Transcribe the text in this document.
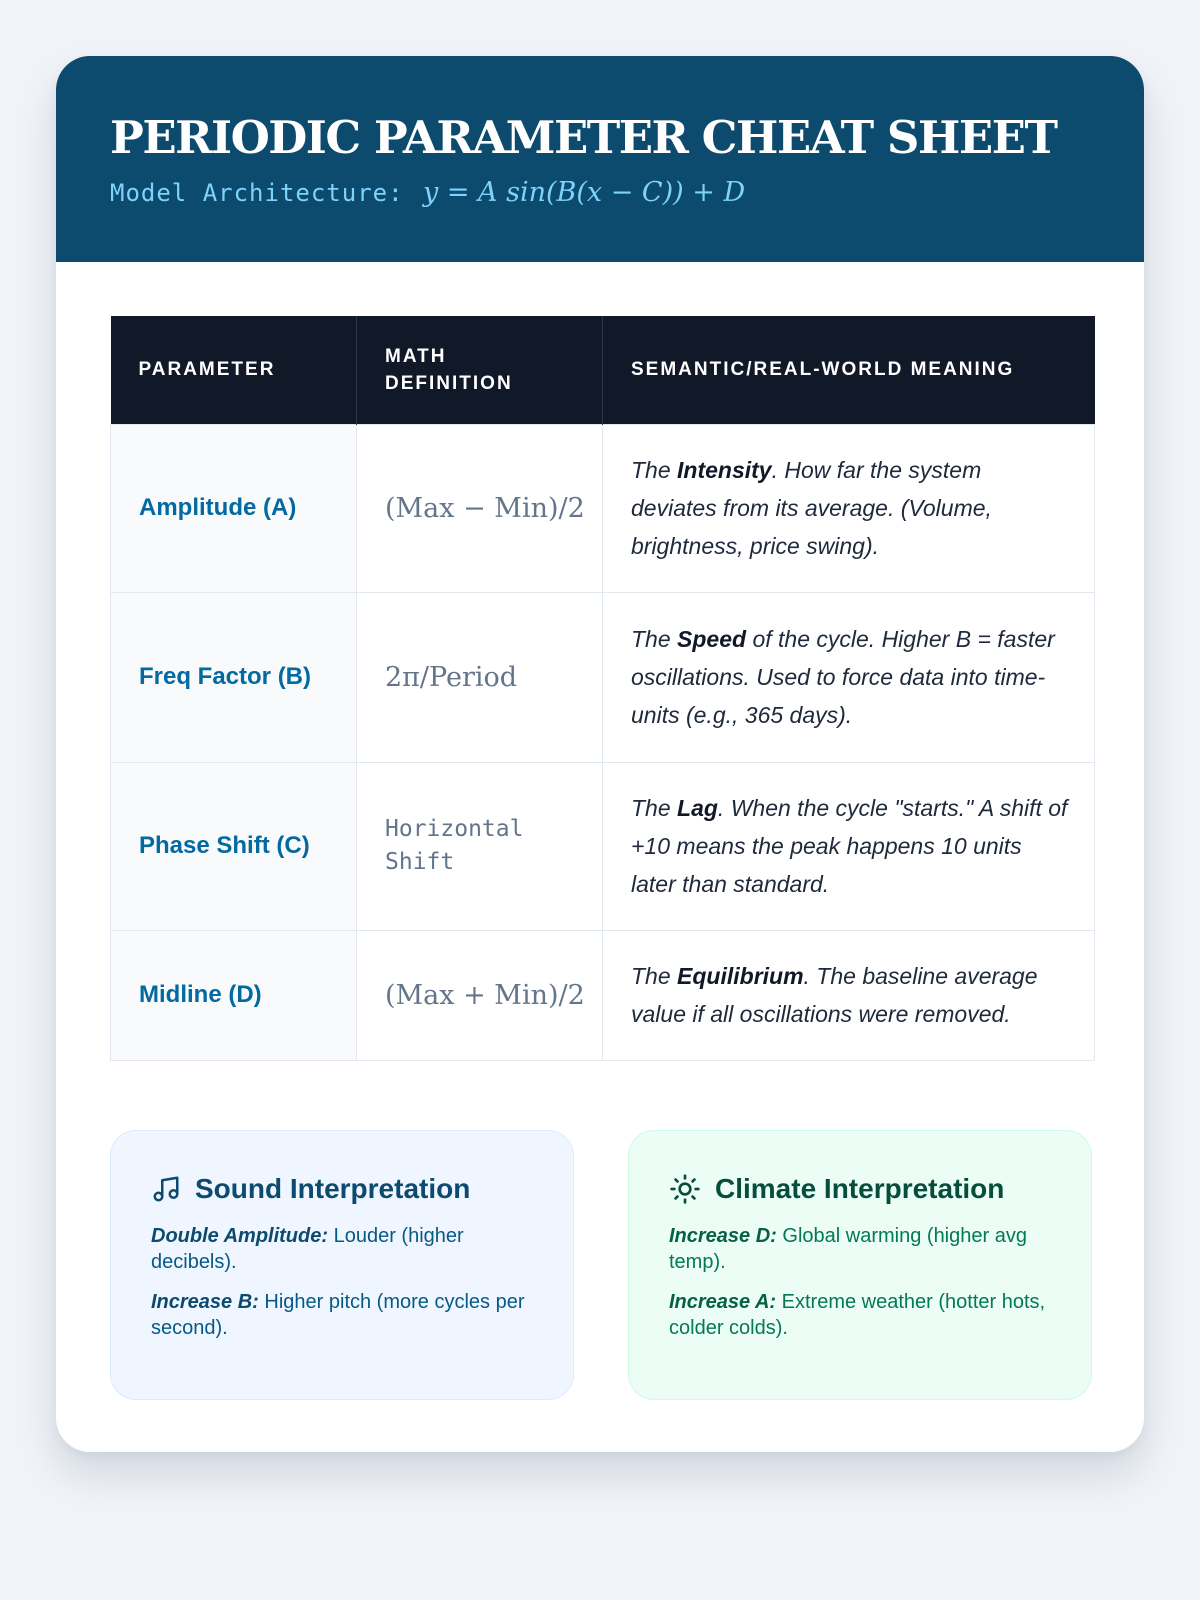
PERIODIC PARAMETER CHEAT SHEET
Model Architecture: y = A sin(B(x − C)) + D
PARAMETER	MATH DEFINITION	SEMANTIC/REAL-WORLD MEANING
Amplitude (A)	(Max − Min)/2	The Intensity. How far the system deviates from its average. (Volume, brightness, price swing).
Freq Factor (B)	2π/Period	The Speed of the cycle. Higher B = faster oscillations. Used to force data into time-units (e.g., 365 days).
Phase Shift (C)	Horizontal Shift	The Lag. When the cycle "starts." A shift of +10 means the peak happens 10 units later than standard.
Midline (D)	(Max + Min)/2	The Equilibrium. The baseline average value if all oscillations were removed.
Sound Interpretation
Double Amplitude: Louder (higher decibels).
Increase B: Higher pitch (more cycles per second).
Climate Interpretation
Increase D: Global warming (higher avg temp).
Increase A: Extreme weather (hotter hots, colder colds).
